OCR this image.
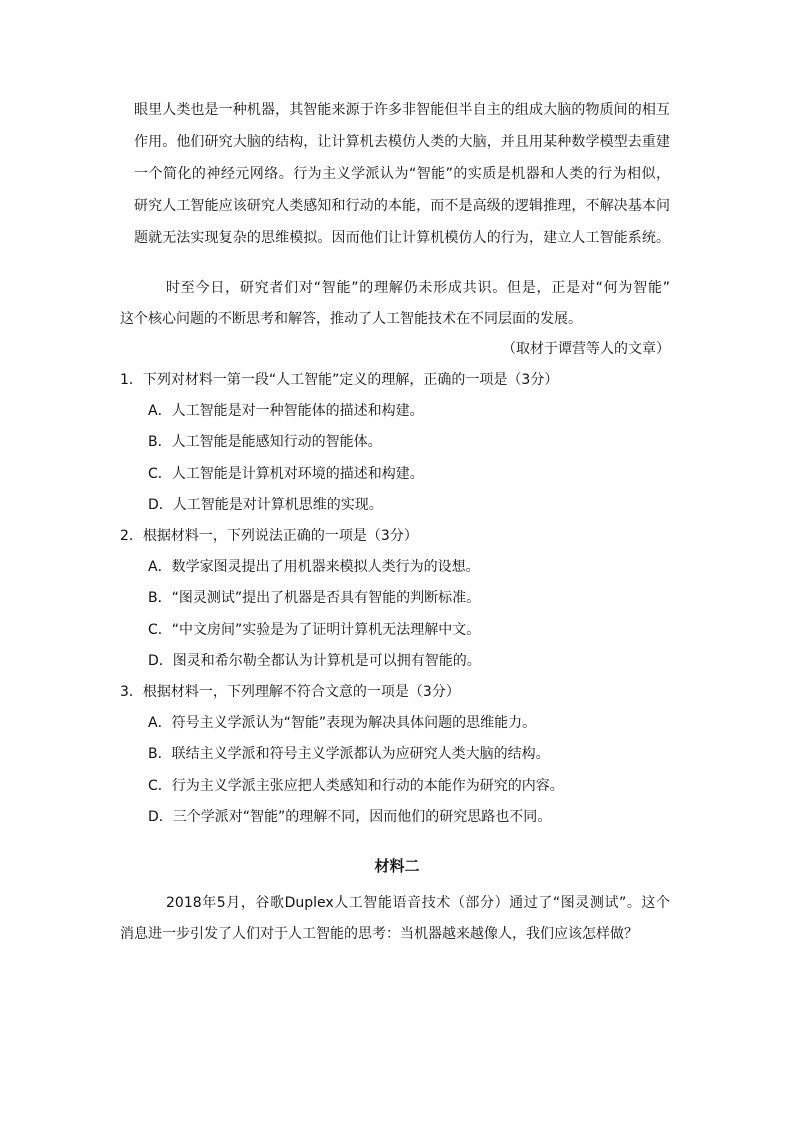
眼里人类也是一种机器，其智能来源于许多非智能但半自主的组成大脑的物质间的相互

作用。他们研究大脑的结构，让计算机去模仿人类的大脑，并且用某种数学模型去重建

一个简化的神经元网络。行为主义学派认为“智能”的实质是机器和人类的行为相似，

研究人工智能应该研究人类感知和行动的本能，而不是高级的逻辑推理，不解决基本问

题就无法实现复杂的思维模拟。因而他们让计算机模仿人的行为，建立人工智能系统。

时至今日，研究者们对“智能”的理解仍未形成共识。但是，正是对“何为智能”

这个核心问题的不断思考和解答，推动了人工智能技术在不同层面的发展。

（取材于谭营等人的文章）

1．下列对材料一第一段“人工智能”定义的理解，正确的一项是（3分）

A．人工智能是对一种智能体的描述和构建。

B．人工智能是能感知行动的智能体。

C．人工智能是计算机对环境的描述和构建。

D．人工智能是对计算机思维的实现。

2．根据材料一，下列说法正确的一项是（3分）

A．数学家图灵提出了用机器来模拟人类行为的设想。

B．“图灵测试”提出了机器是否具有智能的判断标准。

C．“中文房间”实验是为了证明计算机无法理解中文。

D．图灵和希尔勒全都认为计算机是可以拥有智能的。

3．根据材料一，下列理解不符合文意的一项是（3分）

A．符号主义学派认为“智能”表现为解决具体问题的思维能力。

B．联结主义学派和符号主义学派都认为应研究人类大脑的结构。

C．行为主义学派主张应把人类感知和行动的本能作为研究的内容。

D．三个学派对“智能”的理解不同，因而他们的研究思路也不同。

材料二

2018年5月，谷歌Duplex人工智能语音技术（部分）通过了“图灵测试”。这个

消息进一步引发了人们对于人工智能的思考：当机器越来越像人，我们应该怎样做？
